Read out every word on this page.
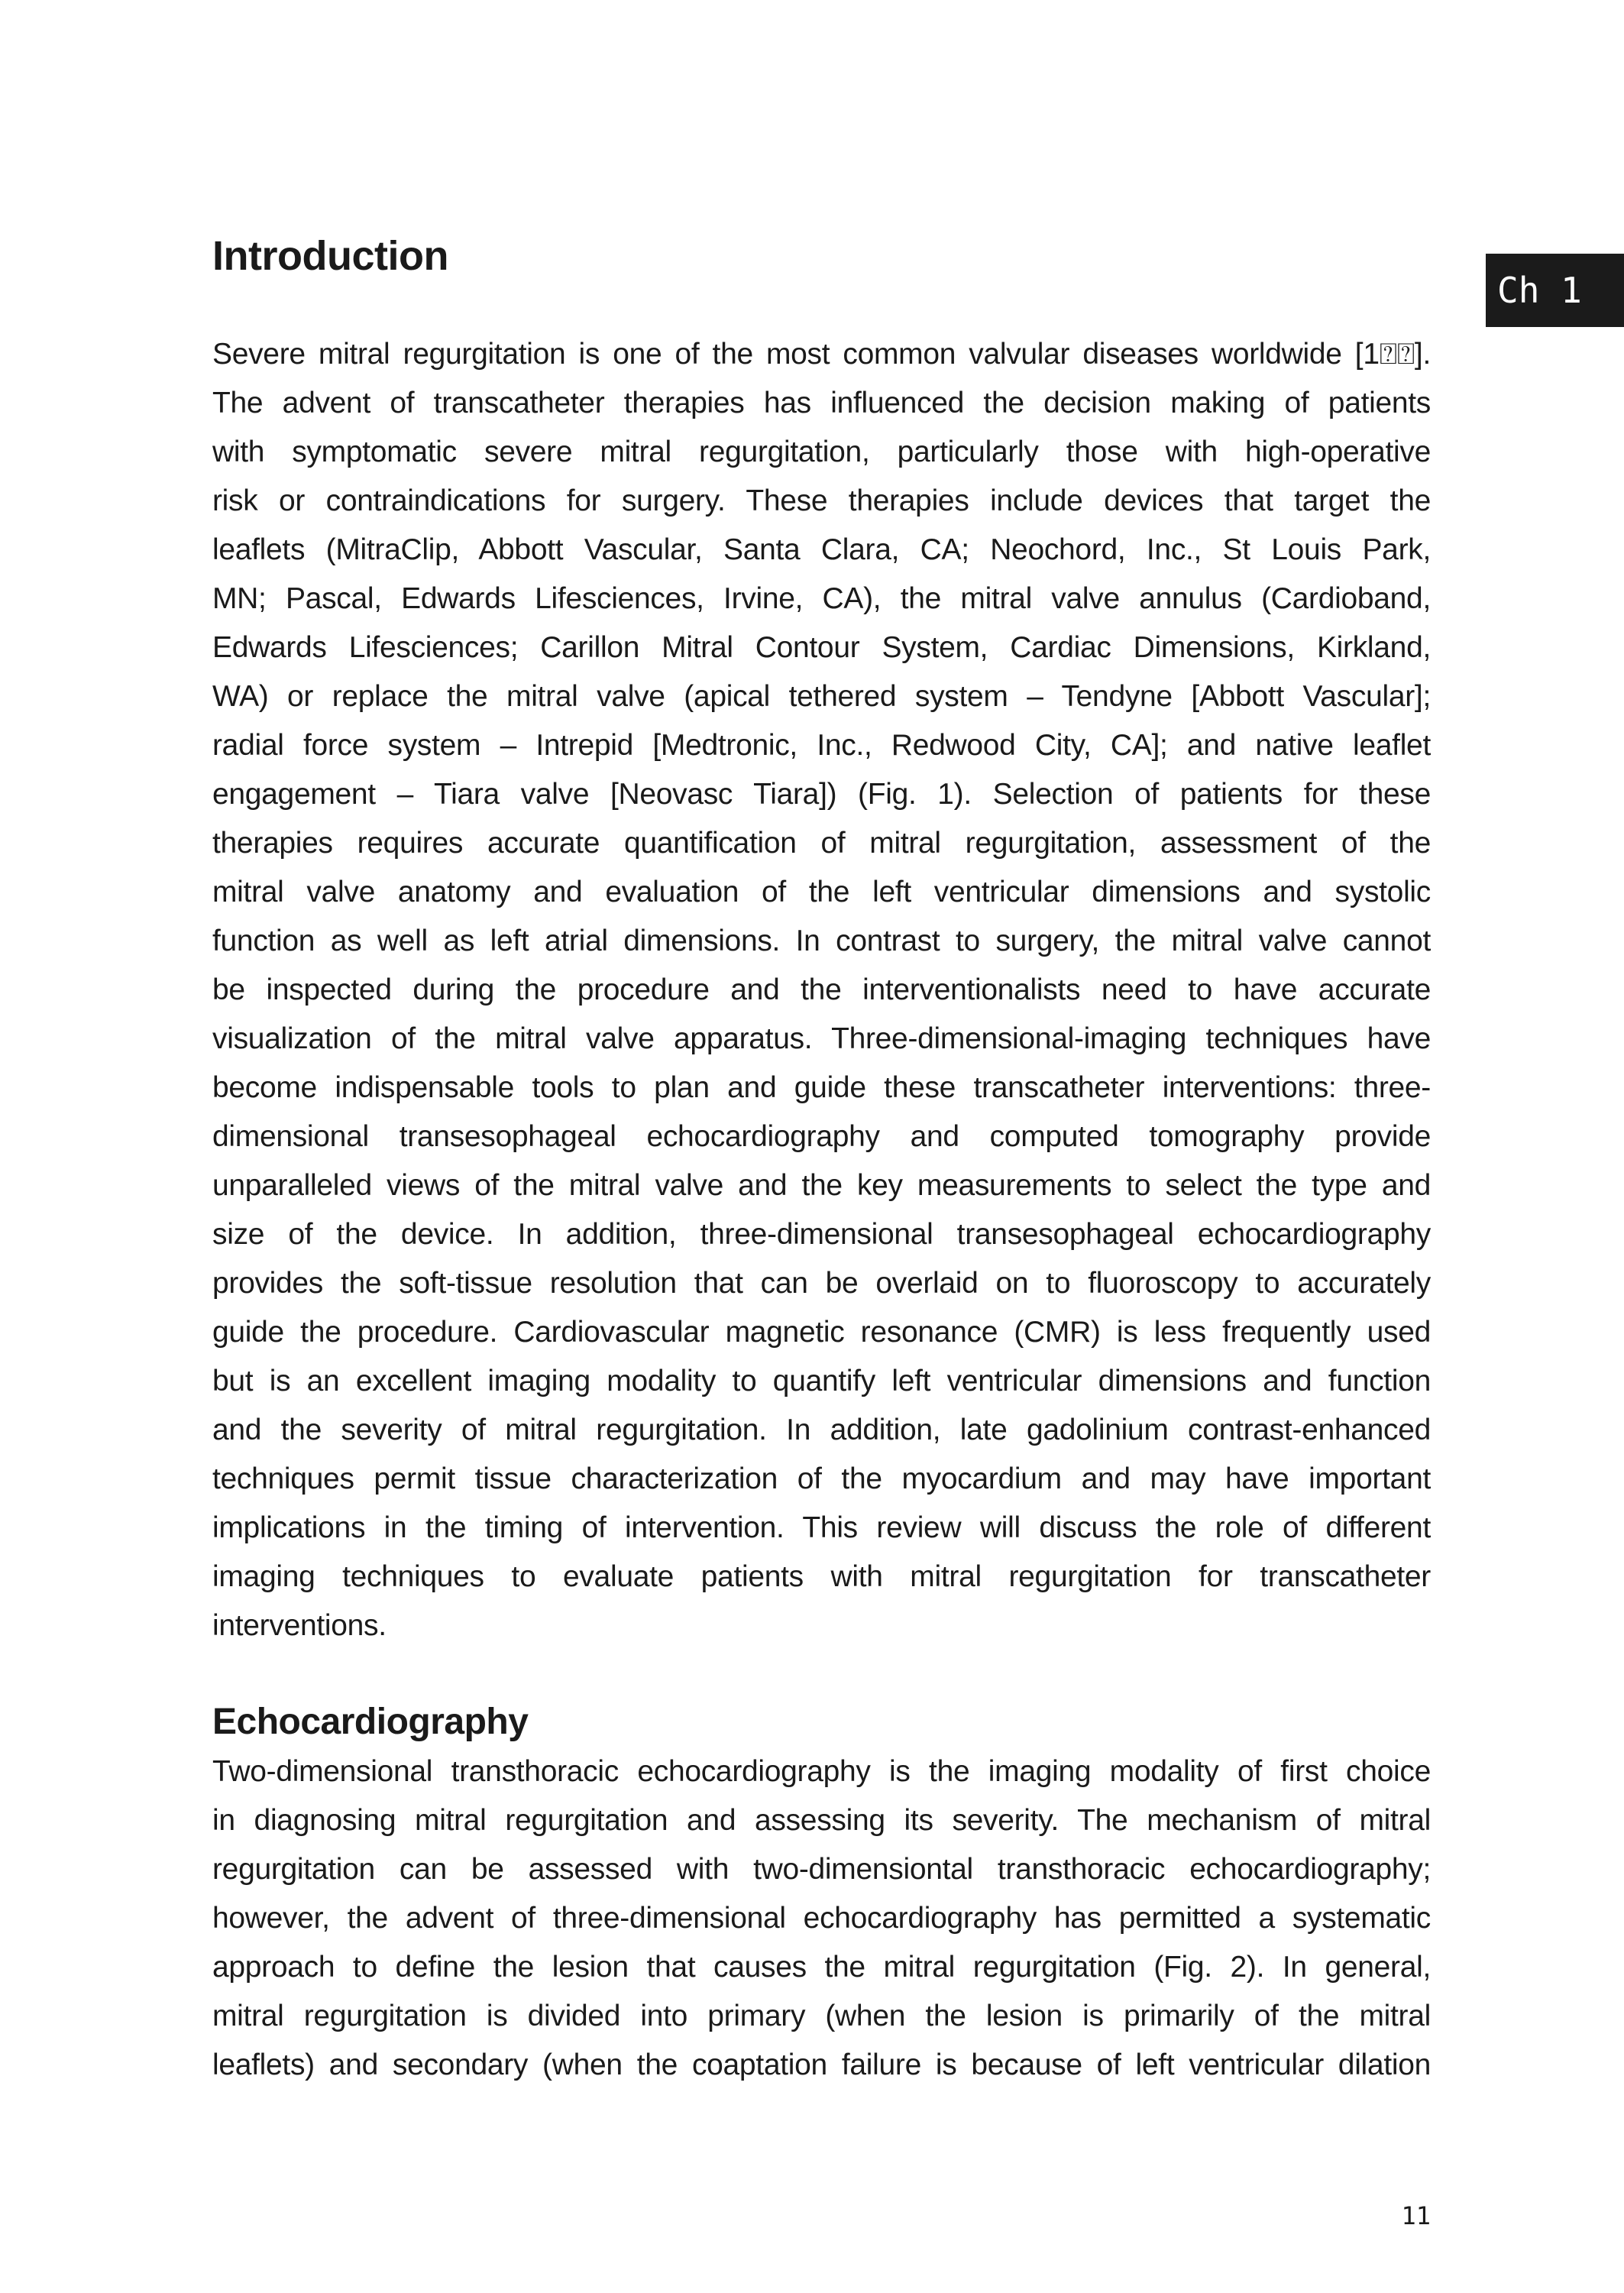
Introduction
Ch 1
Severe mitral regurgitation is one of the most common valvular diseases worldwide [1⍰⍰].
The advent of transcatheter therapies has influenced the decision making of patients
with symptomatic severe mitral regurgitation, particularly those with high-operative
risk or contraindications for surgery. These therapies include devices that target the
leaflets (MitraClip, Abbott Vascular, Santa Clara, CA; Neochord, Inc., St Louis Park,
MN; Pascal, Edwards Lifesciences, Irvine, CA), the mitral valve annulus (Cardioband,
Edwards Lifesciences; Carillon Mitral Contour System, Cardiac Dimensions, Kirkland,
WA) or replace the mitral valve (apical tethered system – Tendyne [Abbott Vascular];
radial force system – Intrepid [Medtronic, Inc., Redwood City, CA]; and native leaflet
engagement – Tiara valve [Neovasc Tiara]) (Fig. 1). Selection of patients for these
therapies requires accurate quantification of mitral regurgitation, assessment of the
mitral valve anatomy and evaluation of the left ventricular dimensions and systolic
function as well as left atrial dimensions. In contrast to surgery, the mitral valve cannot
be inspected during the procedure and the interventionalists need to have accurate
visualization of the mitral valve apparatus. Three-dimensional-imaging techniques have
become indispensable tools to plan and guide these transcatheter interventions: three-
dimensional transesophageal echocardiography and computed tomography provide
unparalleled views of the mitral valve and the key measurements to select the type and
size of the device. In addition, three-dimensional transesophageal echocardiography
provides the soft-tissue resolution that can be overlaid on to fluoroscopy to accurately
guide the procedure. Cardiovascular magnetic resonance (CMR) is less frequently used
but is an excellent imaging modality to quantify left ventricular dimensions and function
and the severity of mitral regurgitation. In addition, late gadolinium contrast-enhanced
techniques permit tissue characterization of the myocardium and may have important
implications in the timing of intervention. This review will discuss the role of different
imaging techniques to evaluate patients with mitral regurgitation for transcatheter
interventions.
Echocardiography
Two-dimensional transthoracic echocardiography is the imaging modality of first choice
in diagnosing mitral regurgitation and assessing its severity. The mechanism of mitral
regurgitation can be assessed with two-dimensiontal transthoracic echocardiography;
however, the advent of three-dimensional echocardiography has permitted a systematic
approach to define the lesion that causes the mitral regurgitation (Fig. 2). In general,
mitral regurgitation is divided into primary (when the lesion is primarily of the mitral
leaflets) and secondary (when the coaptation failure is because of left ventricular dilation
11
